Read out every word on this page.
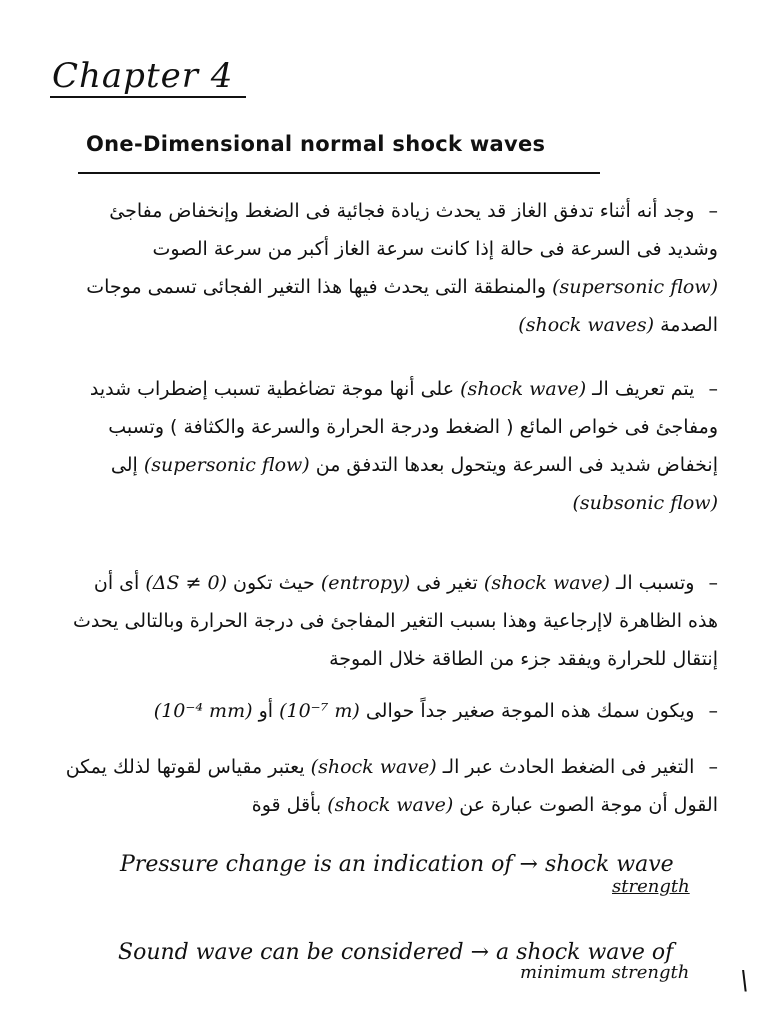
Chapter 4
One-Dimensional normal shock waves
– وجد أنه أثناء تدفق الغاز قد يحدث زيادة فجائية فى الضغط وإنخفاض مفاجئ وشديد فى السرعة فى حالة إذا كانت سرعة الغاز أكبر من سرعة الصوت (supersonic flow) والمنطقة التى يحدث فيها هذا التغير الفجائى تسمى موجات الصدمة (shock waves)
– يتم تعريف الـ (shock wave) على أنها موجة تضاغطية تسبب إضطراب شديد ومفاجئ فى خواص المائع ( الضغط ودرجة الحرارة والسرعة والكثافة ) وتسبب إنخفاض شديد فى السرعة ويتحول بعدها التدفق من (supersonic flow) إلى (subsonic flow)
– وتسبب الـ (shock wave) تغير فى (entropy) حيث تكون (ΔS ≠ 0) أى أن هذه الظاهرة لاإرجاعية وهذا بسبب التغير المفاجئ فى درجة الحرارة وبالتالى يحدث إنتقال للحرارة ويفقد جزء من الطاقة خلال الموجة
– ويكون سمك هذه الموجة صغير جداً حوالى (10⁻⁷ m) أو (10⁻⁴ mm)
– التغير فى الضغط الحادث عبر الـ (shock wave) يعتبر مقياس لقوتها لذلك يمكن القول أن موجة الصوت عبارة عن (shock wave) بأقل قوة
Pressure change is an indication of → shock wave
strength
Sound wave can be considered → a shock wave of
minimum strength \
